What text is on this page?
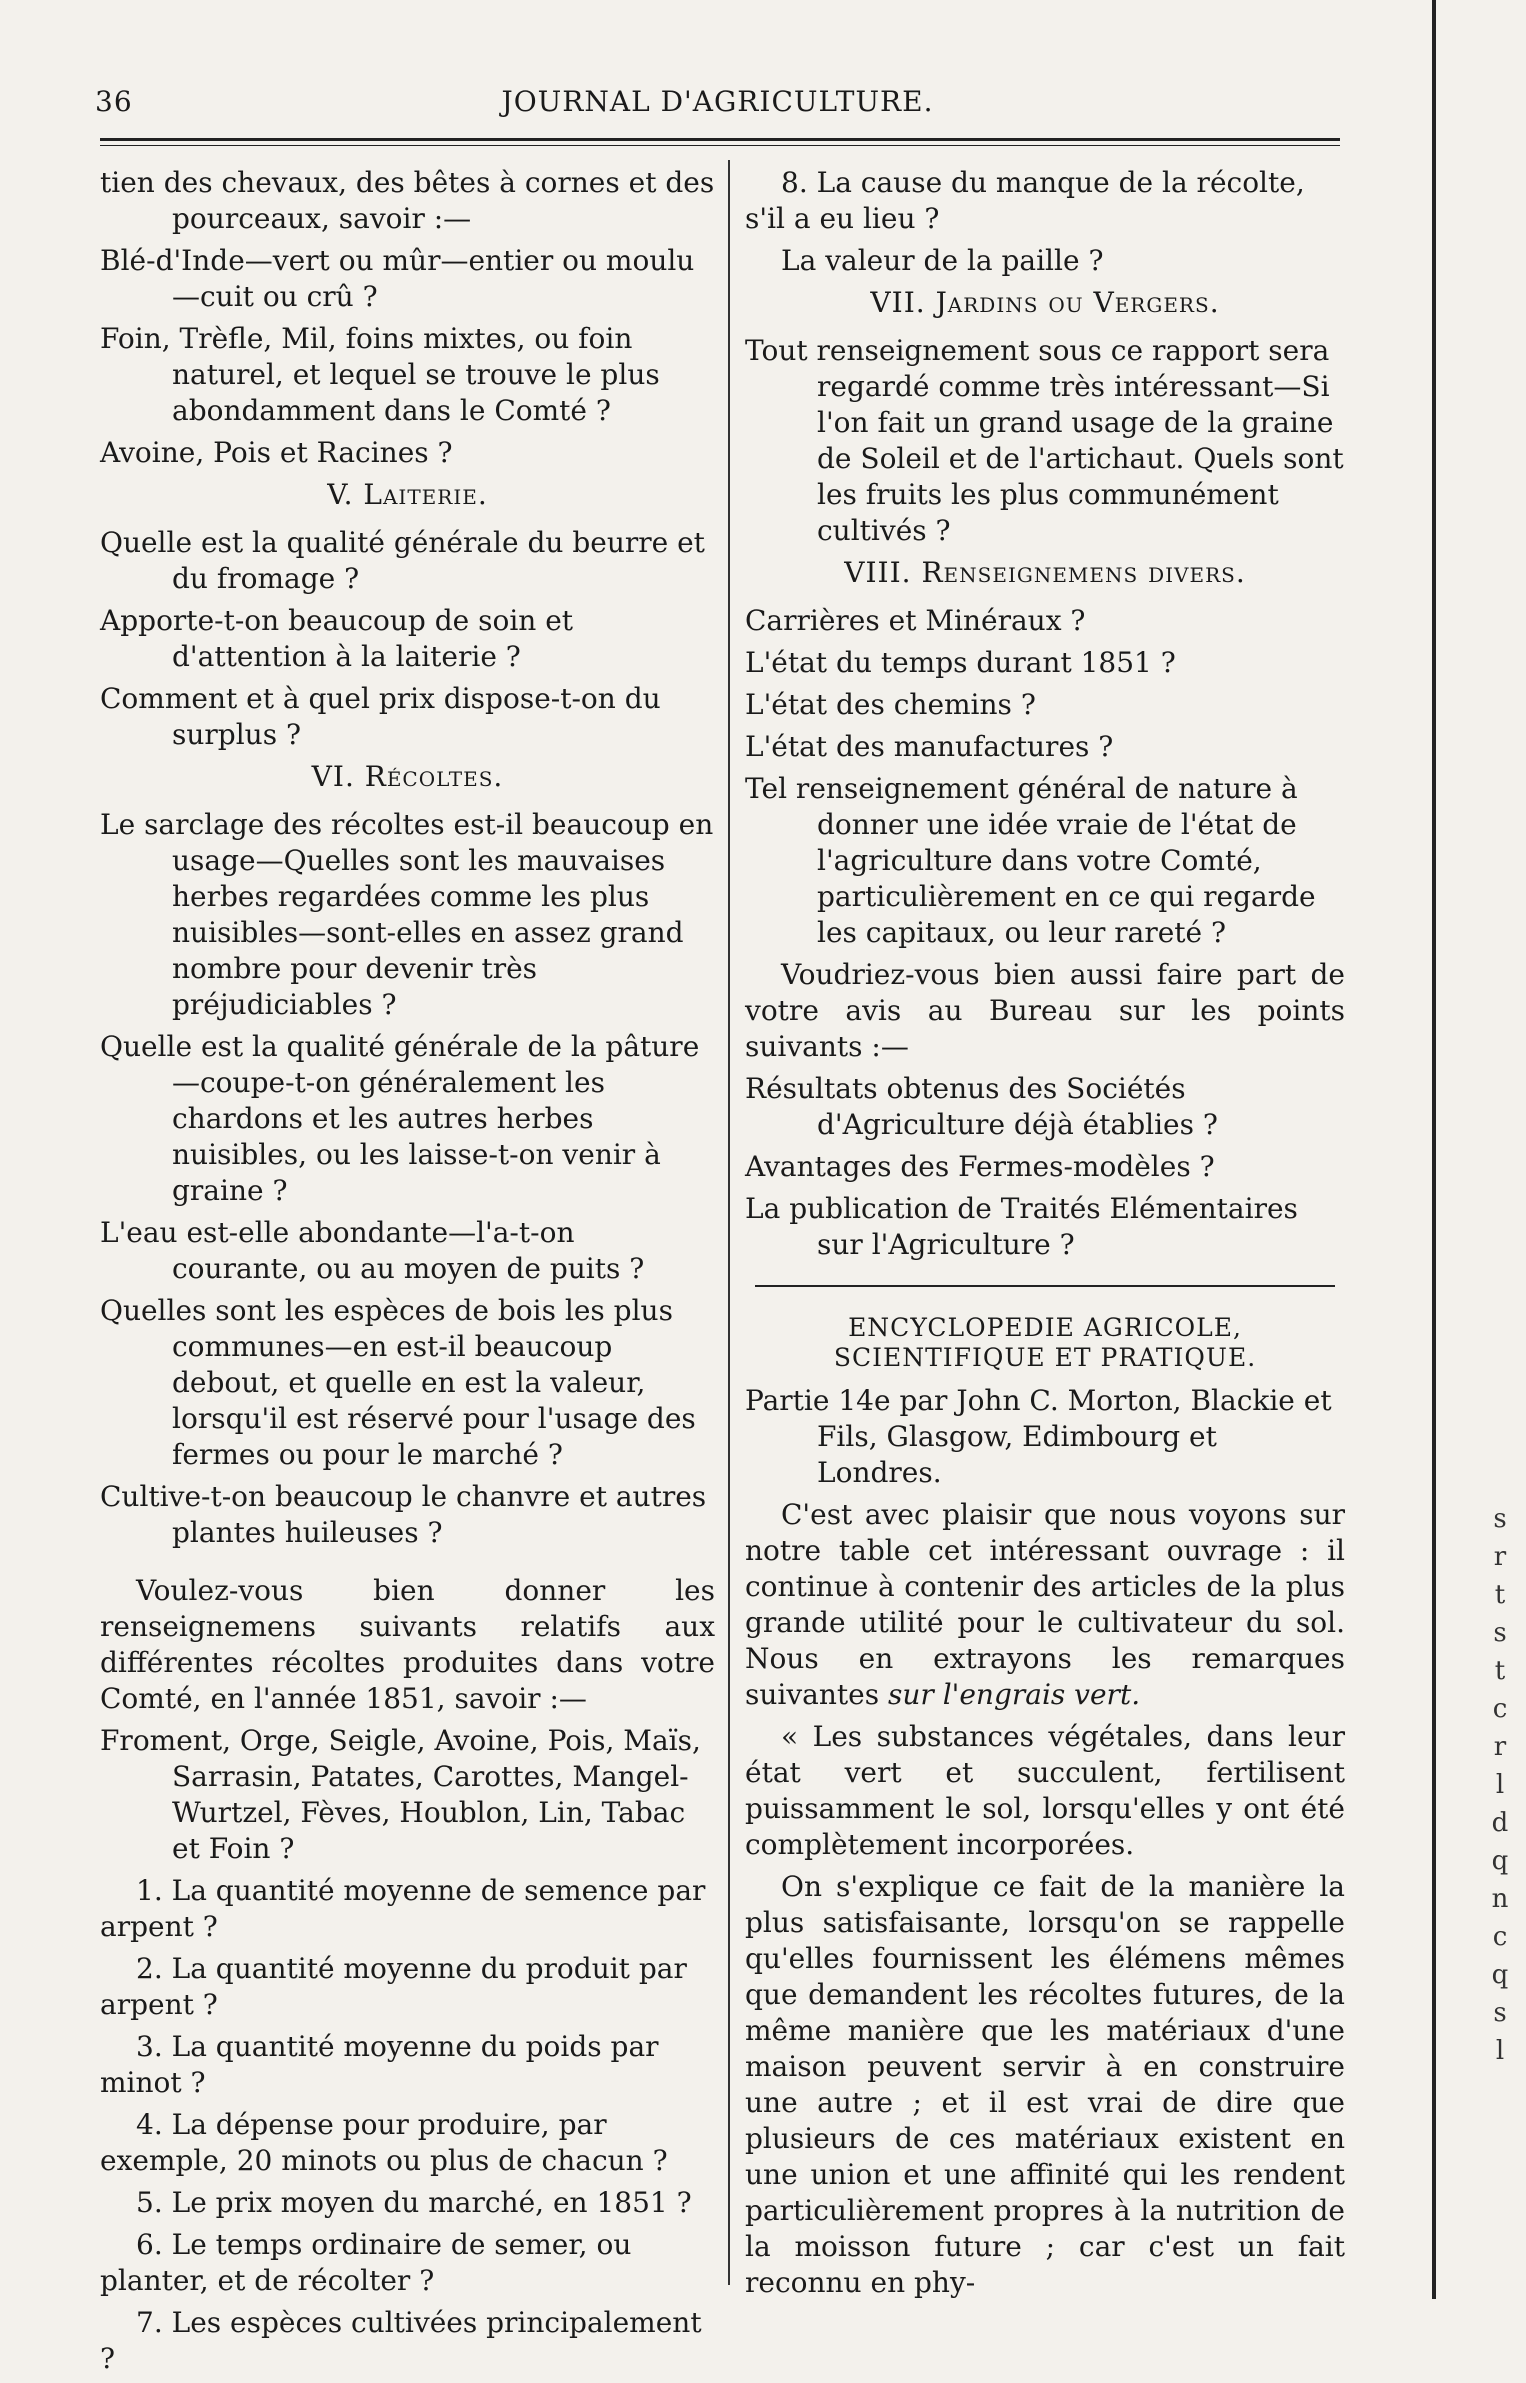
36	JOURNAL D'AGRICULTURE.

tien des chevaux, des bêtes à cornes et des pourceaux, savoir :—

Blé-d'Inde—vert ou mûr—entier ou moulu—cuit ou crû ?

Foin, Trèfle, Mil, foins mixtes, ou foin naturel, et lequel se trouve le plus abondamment dans le Comté ?

Avoine, Pois et Racines ?

V. Laiterie.

Quelle est la qualité générale du beurre et du fromage ?

Apporte-t-on beaucoup de soin et d'attention à la laiterie ?

Comment et à quel prix dispose-t-on du surplus ?

VI. Récoltes.

Le sarclage des récoltes est-il beaucoup en usage—Quelles sont les mauvaises herbes regardées comme les plus nuisibles—sont-elles en assez grand nombre pour devenir très préjudiciables ?

Quelle est la qualité générale de la pâture —coupe-t-on généralement les chardons et les autres herbes nuisibles, ou les laisse-t-on venir à graine ?

L'eau est-elle abondante—l'a-t-on courante, ou au moyen de puits ?

Quelles sont les espèces de bois les plus communes—en est-il beaucoup debout, et quelle en est la valeur, lorsqu'il est réservé pour l'usage des fermes ou pour le marché ?

Cultive-t-on beaucoup le chanvre et autres plantes huileuses ?

Voulez-vous bien donner les renseignemens suivants relatifs aux différentes récoltes produites dans votre Comté, en l'année 1851, savoir :—

Froment, Orge, Seigle, Avoine, Pois, Maïs, Sarrasin, Patates, Carottes, Mangel-Wurtzel, Fèves, Houblon, Lin, Tabac et Foin ?

1. La quantité moyenne de semence par arpent ?

2. La quantité moyenne du produit par arpent ?

3. La quantité moyenne du poids par minot ?

4. La dépense pour produire, par exemple, 20 minots ou plus de chacun ?

5. Le prix moyen du marché, en 1851 ?

6. Le temps ordinaire de semer, ou planter, et de récolter ?

7. Les espèces cultivées principalement ?

8. La cause du manque de la récolte, s'il a eu lieu ?

La valeur de la paille ?

VII. Jardins ou Vergers.

Tout renseignement sous ce rapport sera regardé comme très intéressant—Si l'on fait un grand usage de la graine de Soleil et de l'artichaut. Quels sont les fruits les plus communément cultivés ?

VIII. Renseignemens divers.

Carrières et Minéraux ?

L'état du temps durant 1851 ?

L'état des chemins ?

L'état des manufactures ?

Tel renseignement général de nature à donner une idée vraie de l'état de l'agriculture dans votre Comté, particulièrement en ce qui regarde les capitaux, ou leur rareté ?

Voudriez-vous bien aussi faire part de votre avis au Bureau sur les points suivants :—

Résultats obtenus des Sociétés d'Agriculture déjà établies ?

Avantages des Fermes-modèles ?

La publication de Traités Elémentaires sur l'Agriculture ?

ENCYCLOPEDIE AGRICOLE, SCIENTIFIQUE ET PRATIQUE.

Partie 14e par John C. Morton, Blackie et Fils, Glasgow, Edimbourg et Londres.

C'est avec plaisir que nous voyons sur notre table cet intéressant ouvrage : il continue à contenir des articles de la plus grande utilité pour le cultivateur du sol. Nous en extrayons les remarques suivantes sur l'engrais vert.

« Les substances végétales, dans leur état vert et succulent, fertilisent puissamment le sol, lorsqu'elles y ont été complètement incorporées.

On s'explique ce fait de la manière la plus satisfaisante, lorsqu'on se rappelle qu'elles fournissent les élémens mêmes que demandent les récoltes futures, de la même manière que les matériaux d'une maison peuvent servir à en construire une autre ; et il est vrai de dire que plusieurs de ces matériaux existent en une union et une affinité qui les rendent particulièrement propres à la nutrition de la moisson future ; car c'est un fait reconnu en phy-

s
r
t
s
t
c
r
l
d
q
n
c
q
s
l
